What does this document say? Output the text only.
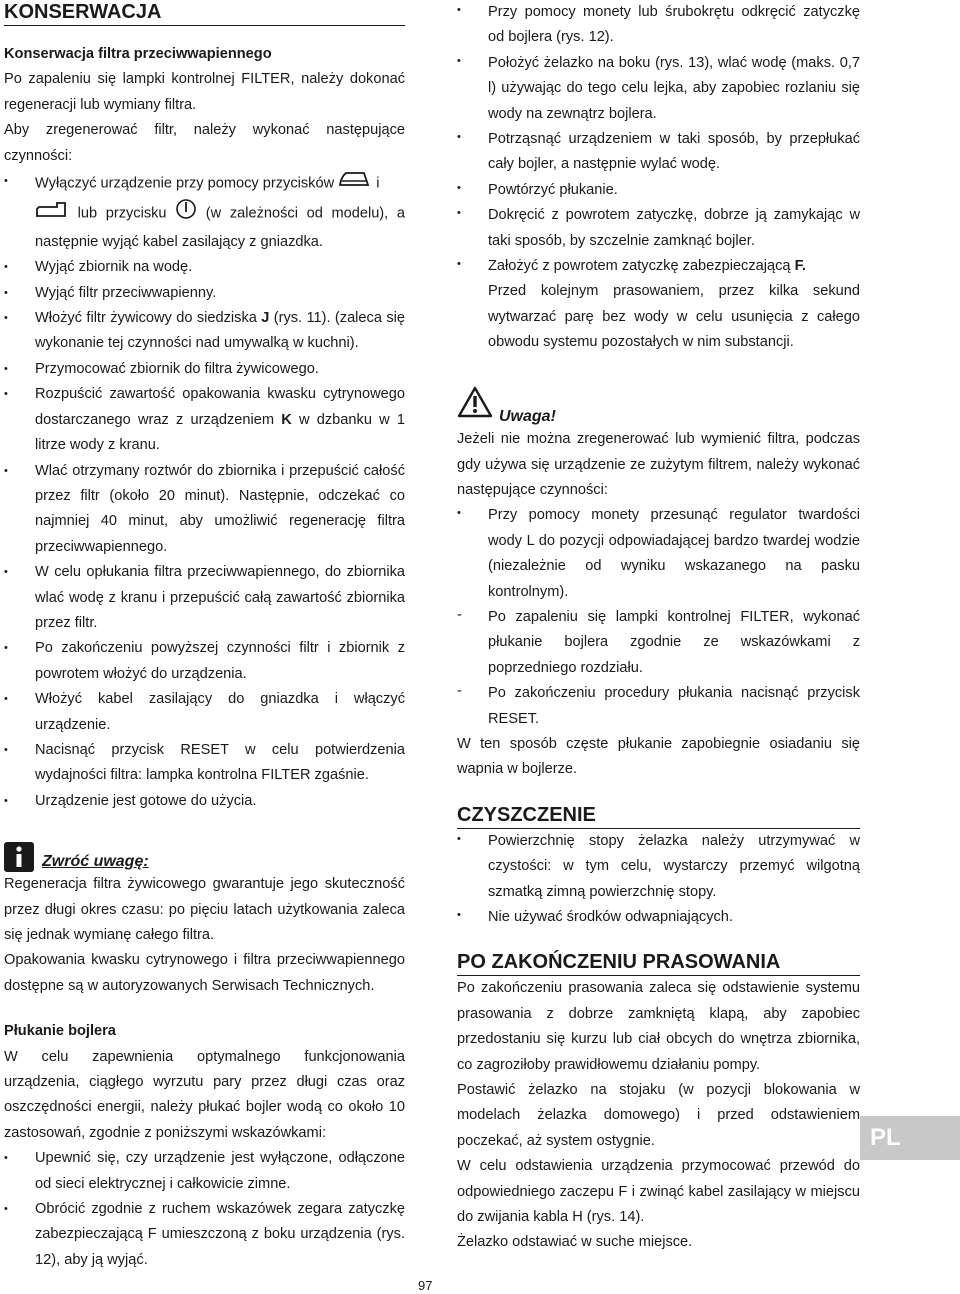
KONSERWACJA

Konserwacja filtra przeciwwapiennego

Po zapaleniu się lampki kontrolnej FILTER, należy dokonać regeneracji lub wymiany filtra.

Aby zregenerować filtr, należy wykonać następujące czynności:

• Wyłączyć urządzenie przy pomocy przycisków	i
lub przycisku	(w zależności od modelu), a następnie wyjąć kabel zasilający z gniazdka.
• Wyjąć zbiornik na wodę.
• Wyjąć filtr przeciwwapienny.
• Włożyć filtr żywicowy do siedziska J (rys. 11). (zaleca się wykonanie tej czynności nad umywalką w kuchni).
• Przymocować zbiornik do filtra żywicowego.
• Rozpuścić zawartość opakowania kwasku cytrynowego dostarczanego wraz z urządzeniem K w dzbanku w 1 litrze wody z kranu.
• Wlać otrzymany roztwór do zbiornika i przepuścić całość przez filtr (około 20 minut). Następnie, odczekać co najmniej 40 minut, aby umożliwić regenerację filtra przeciwwapiennego.
• W celu opłukania filtra przeciwwapiennego, do zbiornika wlać wodę z kranu i przepuścić całą zawartość zbiornika przez filtr.
• Po zakończeniu powyższej czynności filtr i zbiornik z powrotem włożyć do urządzenia.
• Włożyć kabel zasilający do gniazdka i włączyć urządzenie.
• Nacisnąć przycisk RESET w celu potwierdzenia wydajności filtra: lampka kontrolna FILTER zgaśnie.
• Urządzenie jest gotowe do użycia.
Zwróć uwagę:

Regeneracja filtra żywicowego gwarantuje jego skuteczność przez długi okres czasu: po pięciu latach użytkowania zaleca się jednak wymianę całego filtra.

Opakowania kwasku cytrynowego i filtra przeciwwapiennego dostępne są w autoryzowanych Serwisach Technicznych.

Płukanie bojlera

W celu zapewnienia optymalnego funkcjonowania urządzenia, ciągłego wyrzutu pary przez długi czas oraz oszczędności energii, należy płukać bojler wodą co około 10 zastosowań, zgodnie z poniższymi wskazówkami:

• Upewnić się, czy urządzenie jest wyłączone, odłączone od sieci elektrycznej i całkowicie zimne.
• Obrócić zgodnie z ruchem wskazówek zegara zatyczkę zabezpieczającą F umieszczoną z boku urządzenia (rys. 12), aby ją wyjąć.
• Przy pomocy monety lub śrubokrętu odkręcić zatyczkę od bojlera (rys. 12).
• Położyć żelazko na boku (rys. 13), wlać wodę (maks. 0,7 l) używając do tego celu lejka, aby zapobiec rozlaniu się wody na zewnątrz bojlera.
• Potrząsnąć urządzeniem w taki sposób, by przepłukać cały bojler, a następnie wylać wodę.
• Powtórzyć płukanie.
• Dokręcić z powrotem zatyczkę, dobrze ją zamykając w taki sposób, by szczelnie zamknąć bojler.
• Założyć z powrotem zatyczkę zabezpieczającą F.
Przed kolejnym prasowaniem, przez kilka sekund wytwarzać parę bez wody w celu usunięcia z całego obwodu systemu pozostałych w nim substancji.
Uwaga!

Jeżeli nie można zregenerować lub wymienić filtra, podczas gdy używa się urządzenie ze zużytym filtrem, należy wykonać następujące czynności:

• Przy pomocy monety przesunąć regulator twardości wody L do pozycji odpowiadającej bardzo twardej wodzie (niezależnie od wyniku wskazanego na pasku kontrolnym).
- Po zapaleniu się lampki kontrolnej FILTER, wykonać płukanie bojlera zgodnie ze wskazówkami z poprzedniego rozdziału.
- Po zakończeniu procedury płukania nacisnąć przycisk RESET.

W ten sposób częste płukanie zapobiegnie osiadaniu się wapnia w bojlerze.

CZYSZCZENIE
• Powierzchnię stopy żelazka należy utrzymywać w czystości: w tym celu, wystarczy przemyć wilgotną szmatką zimną powierzchnię stopy.
• Nie używać środków odwapniających.
PO ZAKOŃCZENIU PRASOWANIA

Po zakończeniu prasowania zaleca się odstawienie systemu prasowania z dobrze zamkniętą klapą, aby zapobiec przedostaniu się kurzu lub ciał obcych do wnętrza zbiornika, co zagroziłoby prawidłowemu działaniu pompy.

Postawić żelazko na stojaku (w pozycji blokowania w modelach żelazka domowego) i przed odstawieniem poczekać, aż system ostygnie.

W celu odstawienia urządzenia przymocować przewód do odpowiedniego zaczepu F i zwinąć kabel zasilający w miejscu do zwijania kabla H (rys. 14).

Żelazko odstawiać w suche miejsce.

PL
97
